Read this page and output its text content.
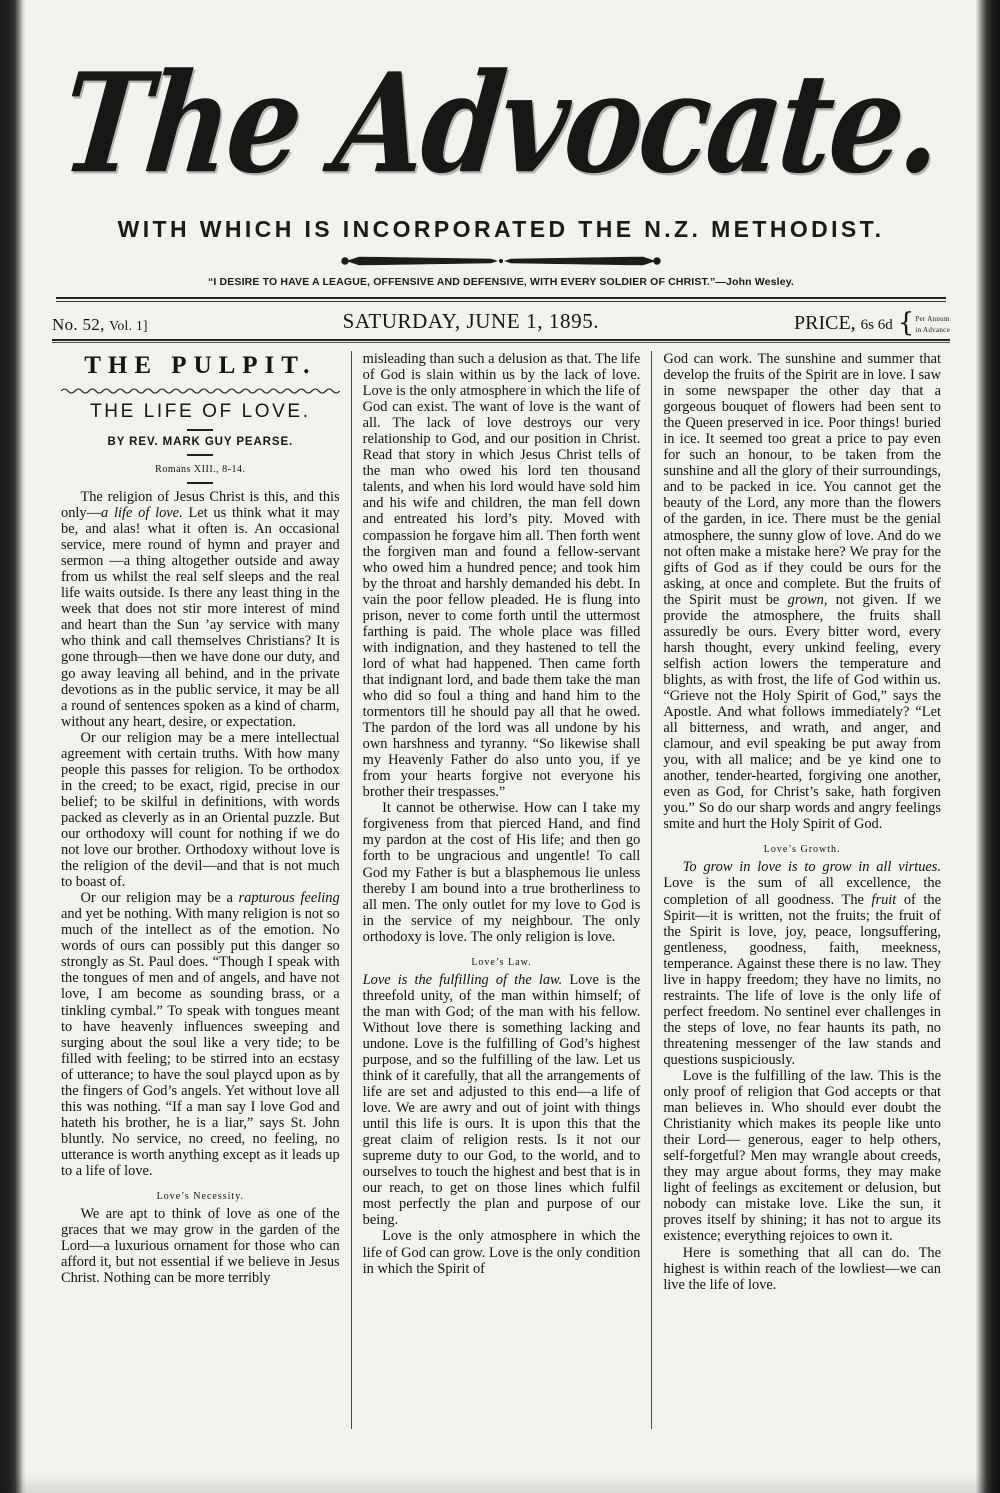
The Advocate.
WITH WHICH IS INCORPORATED THE N.Z. METHODIST.
“I DESIRE TO HAVE A LEAGUE, OFFENSIVE AND DEFENSIVE, WITH EVERY SOLDIER OF CHRIST.”—John Wesley.
No. 52, Vol. 1]	SATURDAY, JUNE 1, 1895.	PRICE, 6s 6d { Per Annum
in Advance
THE PULPIT.
THE LIFE OF LOVE.
BY REV. MARK GUY PEARSE.
Romans XIII., 8-14.

The religion of Jesus Christ is this, and this only—a life of love. Let us think what it may be, and alas! what it often is. An occasional service, mere round of hymn and prayer and sermon —a thing altogether outside and away from us whilst the real self sleeps and the real life waits outside. Is there any least thing in the week that does not stir more interest of mind and heart than the Sun ’ay service with many who think and call themselves Christians? It is gone through—then we have done our duty, and go away leaving all behind, and in the private devotions as in the public service, it may be all a round of sentences spoken as a kind of charm, without any heart, desire, or expectation.

Or our religion may be a mere intellectual agreement with certain truths. With how many people this passes for religion. To be orthodox in the creed; to be exact, rigid, precise in our belief; to be skilful in definitions, with words packed as cleverly as in an Oriental puzzle. But our orthodoxy will count for nothing if we do not love our brother. Orthodoxy without love is the religion of the devil—and that is not much to boast of.

Or our religion may be a rapturous feeling and yet be nothing. With many religion is not so much of the intellect as of the emotion. No words of ours can possibly put this danger so strongly as St. Paul does. “Though I speak with the tongues of men and of angels, and have not love, I am become as sounding brass, or a tinkling cymbal.” To speak with tongues meant to have heavenly influences sweeping and surging about the soul like a very tide; to be filled with feeling; to be stirred into an ecstasy of utterance; to have the soul playcd upon as by the fingers of God’s angels. Yet without love all this was nothing. “If a man say I love God and hateth his brother, he is a liar,” says St. John bluntly. No service, no creed, no feeling, no utterance is worth anything except as it leads up to a life of love.

Love’s Necessity.

We are apt to think of love as one of the graces that we may grow in the garden of the Lord—a luxurious ornament for those who can afford it, but not essential if we believe in Jesus Christ. Nothing can be more terribly

misleading than such a delusion as that. The life of God is slain within us by the lack of love. Love is the only atmosphere in which the life of God can exist. The want of love is the want of all. The lack of love destroys our very relationship to God, and our position in Christ. Read that story in which Jesus Christ tells of the man who owed his lord ten thousand talents, and when his lord would have sold him and his wife and children, the man fell down and entreated his lord’s pity. Moved with compassion he forgave him all. Then forth went the forgiven man and found a fellow-servant who owed him a hundred pence; and took him by the throat and harshly demanded his debt. In vain the poor fellow pleaded. He is flung into prison, never to come forth until the uttermost farthing is paid. The whole place was filled with indignation, and they hastened to tell the lord of what had happened. Then came forth that indignant lord, and bade them take the man who did so foul a thing and hand him to the tormentors till he should pay all that he owed. The pardon of the lord was all undone by his own harshness and tyranny. “So likewise shall my Heavenly Father do also unto you, if ye from your hearts forgive not everyone his brother their trespasses.”

It cannot be otherwise. How can I take my forgiveness from that pierced Hand, and find my pardon at the cost of His life; and then go forth to be ungracious and ungentle! To call God my Father is but a blasphemous lie unless thereby I am bound into a true brotherliness to all men. The only outlet for my love to God is in the service of my neighbour. The only orthodoxy is love. The only religion is love.

Love’s Law.

Love is the fulfilling of the law. Love is the threefold unity, of the man within himself; of the man with God; of the man with his fellow. Without love there is something lacking and undone. Love is the fulfilling of God’s highest purpose, and so the fulfilling of the law. Let us think of it carefully, that all the arrangements of life are set and adjusted to this end—a life of love. We are awry and out of joint with things until this life is ours. It is upon this that the great claim of religion rests. Is it not our supreme duty to our God, to the world, and to ourselves to touch the highest and best that is in our reach, to get on those lines which fulfil most perfectly the plan and purpose of our being.

Love is the only atmosphere in which the life of God can grow. Love is the only condition in which the Spirit of

God can work. The sunshine and summer that develop the fruits of the Spirit are in love. I saw in some newspaper the other day that a gorgeous bouquet of flowers had been sent to the Queen preserved in ice. Poor things! buried in ice. It seemed too great a price to pay even for such an honour, to be taken from the sunshine and all the glory of their surroundings, and to be packed in ice. You cannot get the beauty of the Lord, any more than the flowers of the garden, in ice. There must be the genial atmosphere, the sunny glow of love. And do we not often make a mistake here? We pray for the gifts of God as if they could be ours for the asking, at once and complete. But the fruits of the Spirit must be grown, not given. If we provide the atmosphere, the fruits shall assuredly be ours. Every bitter word, every harsh thought, every unkind feeling, every selfish action lowers the temperature and blights, as with frost, the life of God within us. “Grieve not the Holy Spirit of God,” says the Apostle. And what follows immediately? “Let all bitterness, and wrath, and anger, and clamour, and evil speaking be put away from you, with all malice; and be ye kind one to another, tender-hearted, forgiving one another, even as God, for Christ’s sake, hath forgiven you.” So do our sharp words and angry feelings smite and hurt the Holy Spirit of God.

Love’s Growth.

To grow in love is to grow in all virtues. Love is the sum of all excellence, the completion of all goodness. The fruit of the Spirit—it is written, not the fruits; the fruit of the Spirit is love, joy, peace, longsuffering, gentleness, goodness, faith, meekness, temperance. Against these there is no law. They live in happy freedom; they have no limits, no restraints. The life of love is the only life of perfect freedom. No sentinel ever challenges in the steps of love, no fear haunts its path, no threatening messenger of the law stands and questions suspiciously.

Love is the fulfilling of the law. This is the only proof of religion that God accepts or that man believes in. Who should ever doubt the Christianity which makes its people like unto their Lord— generous, eager to help others, self-forgetful? Men may wrangle about creeds, they may argue about forms, they may make light of feelings as excitement or delusion, but nobody can mistake love. Like the sun, it proves itself by shining; it has not to argue its existence; everything rejoices to own it.

Here is something that all can do. The highest is within reach of the lowliest—we can live the life of love.
